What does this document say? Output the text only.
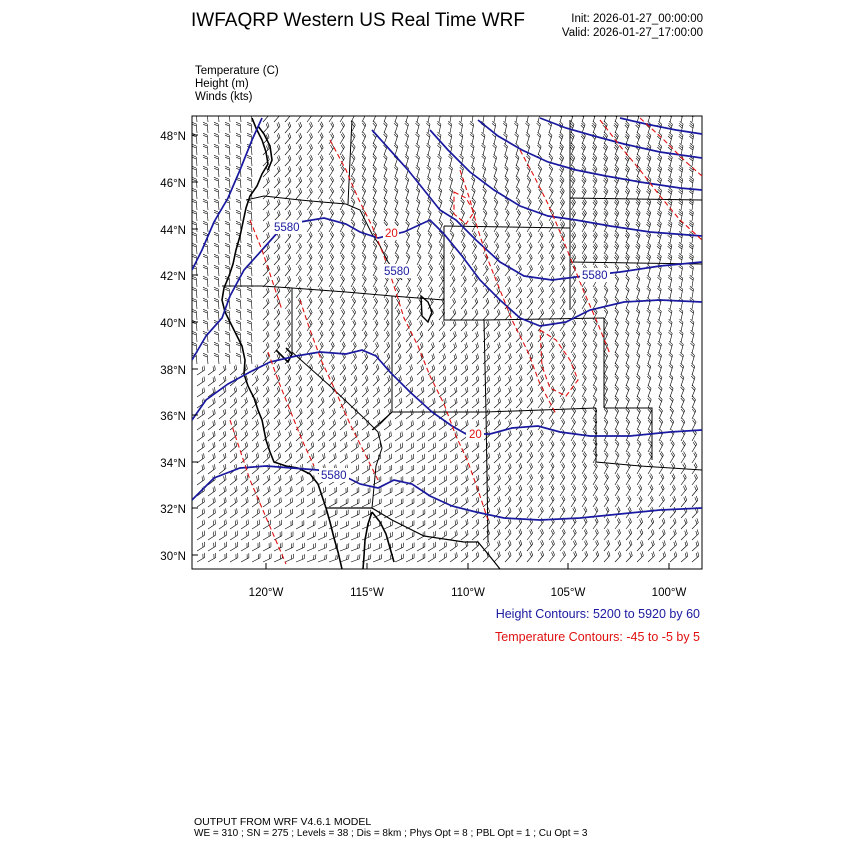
IWFAQRP Western US Real Time WRF	Init: 2026-01-27_00:00:00
Valid: 2026-01-27_17:00:00
Temperature (C)
Height (m)
Winds (kts)
5580
5580	5580
5580
20
20
48°N
46°N
44°N
42°N
40°N
38°N
36°N
34°N
32°N
30°N
120°W	115°W	110°W	105°W	100°W
Height Contours: 5200 to 5920 by 60
Temperature Contours: -45 to -5 by 5
OUTPUT FROM WRF V4.6.1 MODEL
WE = 310 ; SN = 275 ; Levels = 38 ; Dis = 8km ; Phys Opt = 8 ; PBL Opt = 1 ; Cu Opt = 3
